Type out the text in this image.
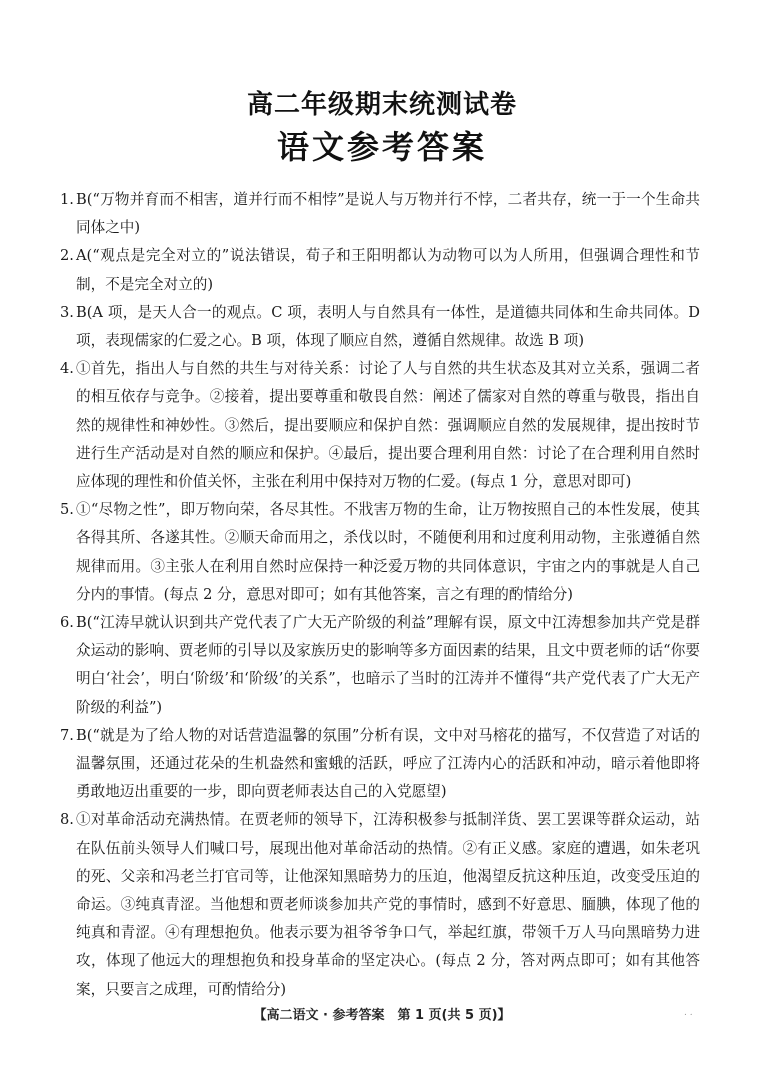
高二年级期末统测试卷
语文参考答案
1. B(“万物并育而不相害，道并行而不相悖”是说人与万物并行不悖，二者共存，统一于一个生命共同体之中)
2. A(“观点是完全对立的”说法错误，荀子和王阳明都认为动物可以为人所用，但强调合理性和节制，不是完全对立的)
3. B(A 项，是天人合一的观点。C 项，表明人与自然具有一体性，是道德共同体和生命共同体。D 项，表现儒家的仁爱之心。B 项，体现了顺应自然，遵循自然规律。故选 B 项)
4. ①首先，指出人与自然的共生与对待关系：讨论了人与自然的共生状态及其对立关系，强调二者的相互依存与竞争。②接着，提出要尊重和敬畏自然：阐述了儒家对自然的尊重与敬畏，指出自然的规律性和神妙性。③然后，提出要顺应和保护自然：强调顺应自然的发展规律，提出按时节进行生产活动是对自然的顺应和保护。④最后，提出要合理利用自然：讨论了在合理利用自然时应体现的理性和价值关怀，主张在利用中保持对万物的仁爱。(每点 1 分，意思对即可)
5. ①“尽物之性”，即万物向荣，各尽其性。不戕害万物的生命，让万物按照自己的本性发展，使其各得其所、各遂其性。②顺天命而用之，杀伐以时，不随便利用和过度利用动物，主张遵循自然规律而用。③主张人在利用自然时应保持一种泛爱万物的共同体意识，宇宙之内的事就是人自己分内的事情。(每点 2 分，意思对即可；如有其他答案，言之有理的酌情给分)
6. B(“江涛早就认识到共产党代表了广大无产阶级的利益”理解有误，原文中江涛想参加共产党是群众运动的影响、贾老师的引导以及家族历史的影响等多方面因素的结果，且文中贾老师的话“你要明白‘社会’，明白‘阶级’和‘阶级’的关系”，也暗示了当时的江涛并不懂得“共产党代表了广大无产阶级的利益”)
7. B(“就是为了给人物的对话营造温馨的氛围”分析有误，文中对马榕花的描写，不仅营造了对话的温馨氛围，还通过花朵的生机盎然和蜜蛾的活跃，呼应了江涛内心的活跃和冲动，暗示着他即将勇敢地迈出重要的一步，即向贾老师表达自己的入党愿望)
8. ①对革命活动充满热情。在贾老师的领导下，江涛积极参与抵制洋货、罢工罢课等群众运动，站在队伍前头领导人们喊口号，展现出他对革命活动的热情。②有正义感。家庭的遭遇，如朱老巩的死、父亲和冯老兰打官司等，让他深知黑暗势力的压迫，他渴望反抗这种压迫，改变受压迫的命运。③纯真青涩。当他想和贾老师谈参加共产党的事情时，感到不好意思、腼腆，体现了他的纯真和青涩。④有理想抱负。他表示要为祖爷爷争口气，举起红旗，带领千万人马向黑暗势力进攻，体现了他远大的理想抱负和投身革命的坚定决心。(每点 2 分，答对两点即可；如有其他答案，只要言之成理，可酌情给分)
【高二语文 · 参考答案　第 1 页(共 5 页)】	. .
